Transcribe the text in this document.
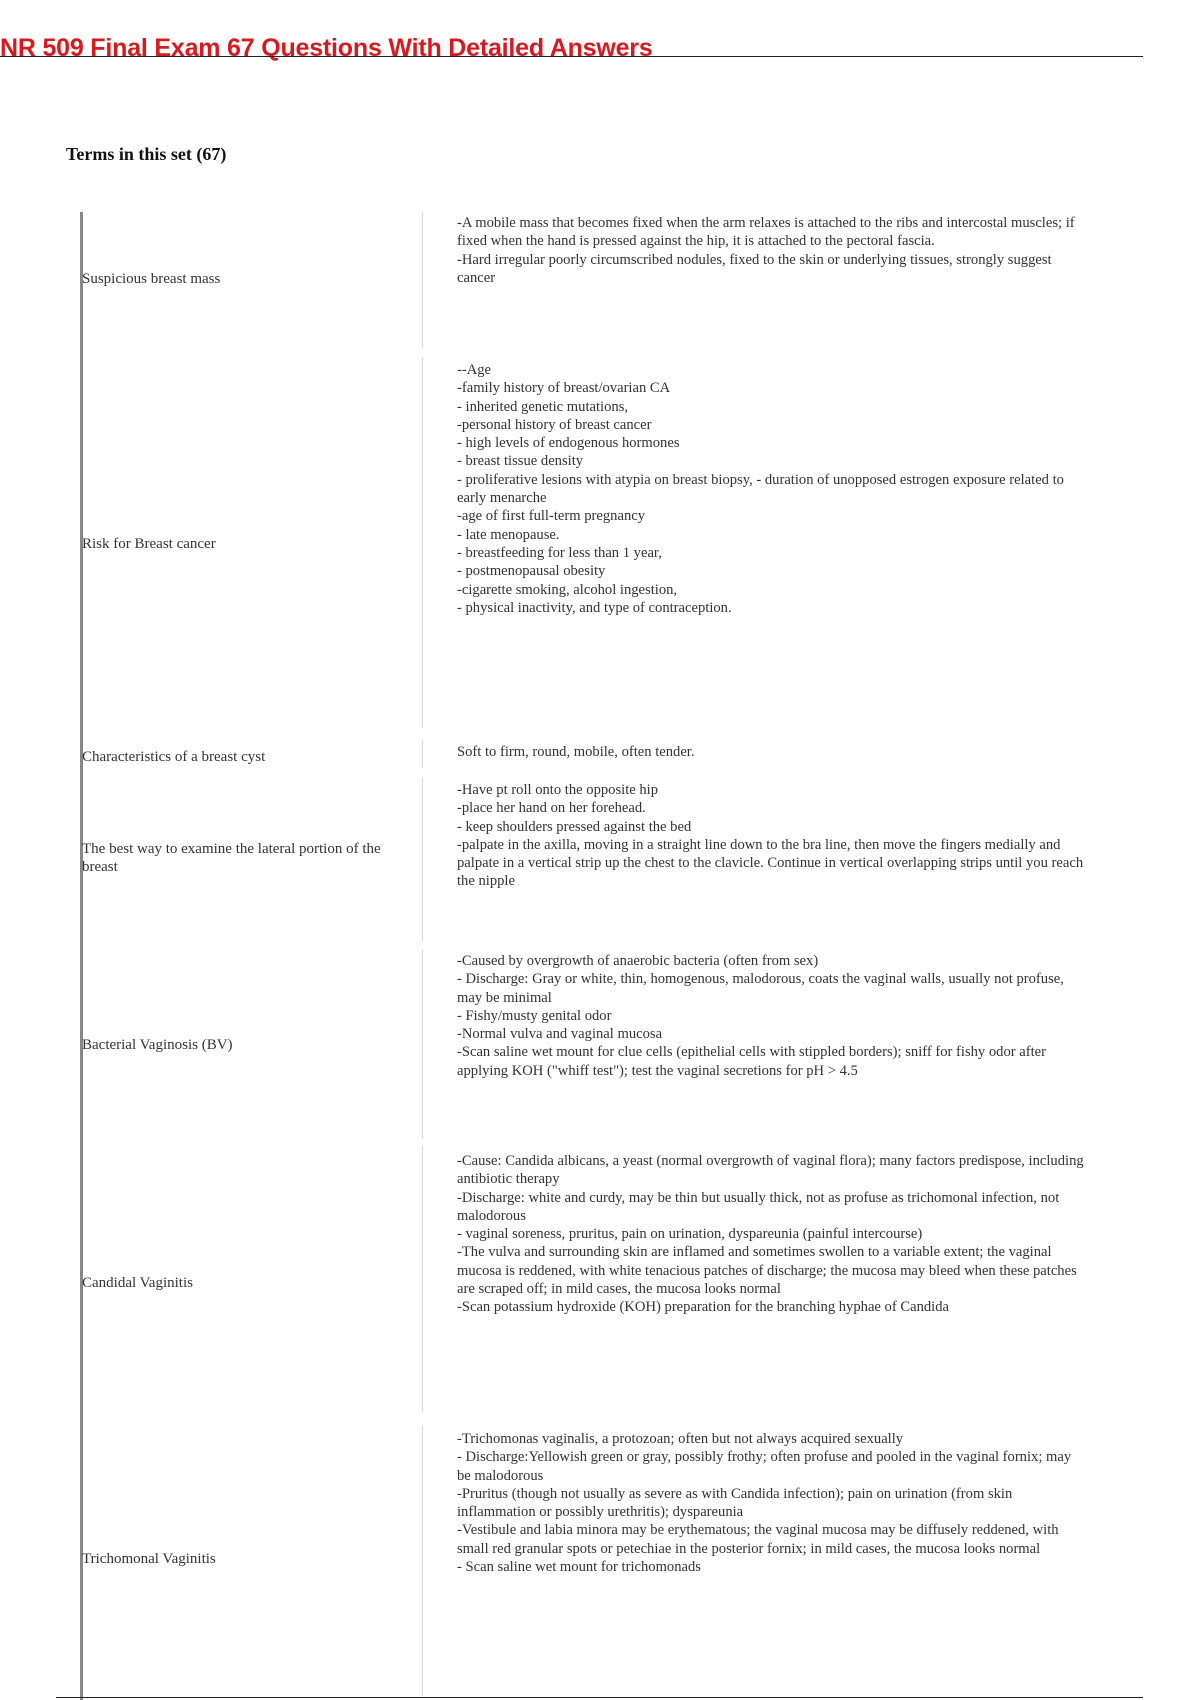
NR 509 Final Exam 67 Questions With Detailed Answers
Terms in this set (67)
Suspicious breast mass

-A mobile mass that becomes fixed when the arm relaxes is attached to the ribs and intercostal muscles; if fixed when the hand is pressed against the hip, it is attached to the pectoral fascia.
-Hard irregular poorly circumscribed nodules, fixed to the skin or underlying tissues, strongly suggest cancer

Risk for Breast cancer

--Age
-family history of breast/ovarian CA
- inherited genetic mutations,
-personal history of breast cancer
- high levels of endogenous hormones
- breast tissue density
- proliferative lesions with atypia on breast biopsy, - duration of unopposed estrogen exposure related to early menarche
-age of first full-term pregnancy
- late menopause.
- breastfeeding for less than 1 year,
- postmenopausal obesity
-cigarette smoking, alcohol ingestion,
- physical inactivity, and type of contraception.

Characteristics of a breast cyst	Soft to firm, round, mobile, often tender.

The best way to examine the lateral portion of the breast

-Have pt roll onto the opposite hip
-place her hand on her forehead.
- keep shoulders pressed against the bed
-palpate in the axilla, moving in a straight line down to the bra line, then move the fingers medially and palpate in a vertical strip up the chest to the clavicle. Continue in vertical overlapping strips until you reach the nipple

Bacterial Vaginosis (BV)

-Caused by overgrowth of anaerobic bacteria (often from sex)
- Discharge: Gray or white, thin, homogenous, malodorous, coats the vaginal walls, usually not profuse, may be minimal
- Fishy/musty genital odor
-Normal vulva and vaginal mucosa
-Scan saline wet mount for clue cells (epithelial cells with stippled borders); sniff for fishy odor after applying KOH ("whiff test"); test the vaginal secretions for pH > 4.5

Candidal Vaginitis

-Cause: Candida albicans, a yeast (normal overgrowth of vaginal flora); many factors predispose, including antibiotic therapy
-Discharge: white and curdy, may be thin but usually thick, not as profuse as trichomonal infection, not malodorous
- vaginal soreness, pruritus, pain on urination, dyspareunia (painful intercourse)
-The vulva and surrounding skin are inflamed and sometimes swollen to a variable extent; the vaginal mucosa is reddened, with white tenacious patches of discharge; the mucosa may bleed when these patches are scraped off; in mild cases, the mucosa looks normal
-Scan potassium hydroxide (KOH) preparation for the branching hyphae of Candida

Trichomonal Vaginitis

-Trichomonas vaginalis, a protozoan; often but not always acquired sexually
- Discharge:Yellowish green or gray, possibly frothy; often profuse and pooled in the vaginal fornix; may be malodorous
-Pruritus (though not usually as severe as with Candida infection); pain on urination (from skin inflammation or possibly urethritis); dyspareunia
-Vestibule and labia minora may be erythematous; the vaginal mucosa may be diffusely reddened, with small red granular spots or petechiae in the posterior fornix; in mild cases, the mucosa looks normal
- Scan saline wet mount for trichomonads
